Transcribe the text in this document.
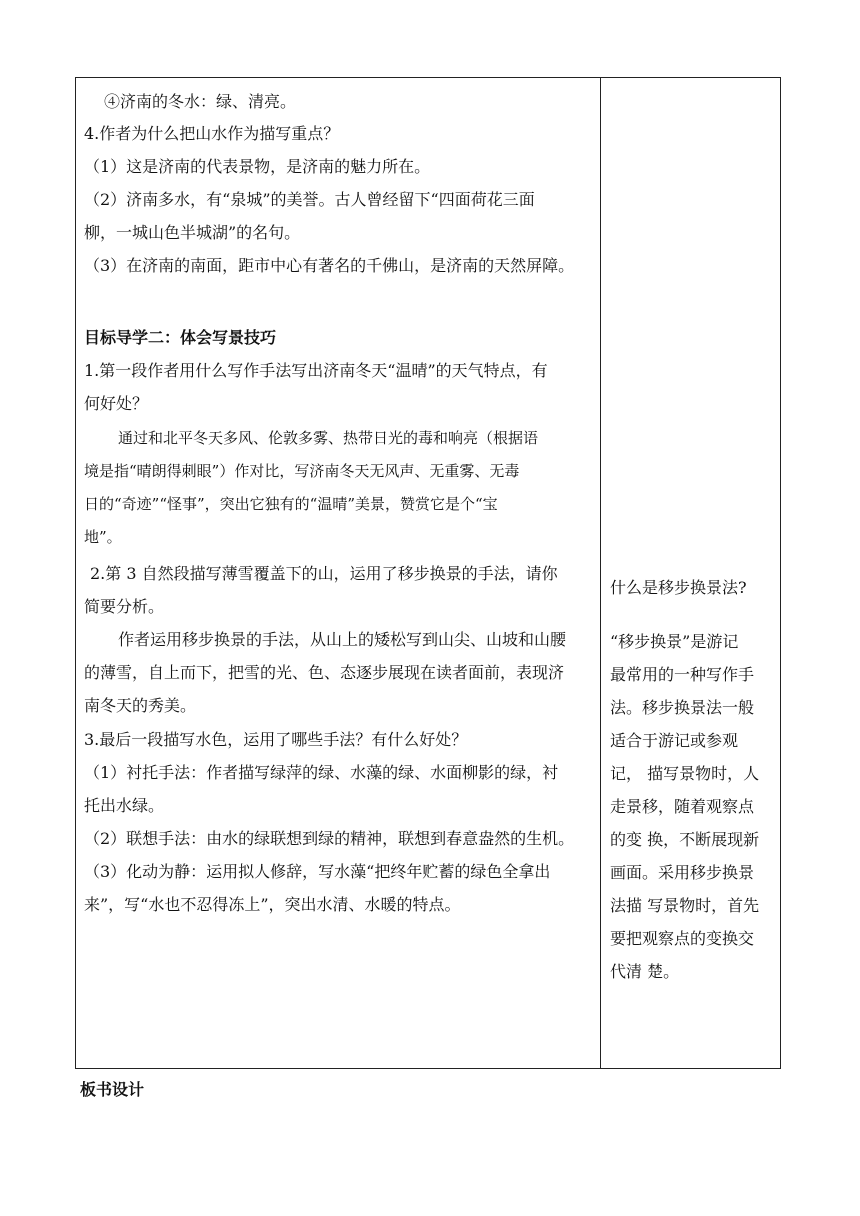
④济南的冬水：绿、清亮。
4.作者为什么把山水作为描写重点？
（1）这是济南的代表景物，是济南的魅力所在。
（2）济南多水，有“泉城”的美誉。古人曾经留下“四面荷花三面
柳，一城山色半城湖”的名句。
（3）在济南的南面，距市中心有著名的千佛山，是济南的天然屏障。
目标导学二：体会写景技巧
1.第一段作者用什么写作手法写出济南冬天“温晴”的天气特点，有
何好处？
通过和北平冬天多风、伦敦多雾、热带日光的毒和响亮（根据语
境是指“晴朗得刺眼”）作对比，写济南冬天无风声、无重雾、无毒
日的“奇迹”“怪事”，突出它独有的“温晴”美景，赞赏它是个“宝
地”。
2.第 3 自然段描写薄雪覆盖下的山，运用了移步换景的手法，请你
简要分析。
作者运用移步换景的手法，从山上的矮松写到山尖、山坡和山腰
的薄雪，自上而下，把雪的光、色、态逐步展现在读者面前，表现济
南冬天的秀美。
3.最后一段描写水色，运用了哪些手法？有什么好处？
（1）衬托手法：作者描写绿萍的绿、水藻的绿、水面柳影的绿，衬
托出水绿。
（2）联想手法：由水的绿联想到绿的精神，联想到春意盎然的生机。
（3）化动为静：运用拟人修辞，写水藻“把终年贮蓄的绿色全拿出
来”，写“水也不忍得冻上”，突出水清、水暖的特点。
什么是移步换景法?
“移步换景”是游记
最常用的一种写作手
法。移步换景法一般
适合于游记或参观
记， 描写景物时，人
走景移，随着观察点
的变 换，不断展现新
画面。采用移步换景
法描 写景物时，首先
要把观察点的变换交
代清 楚。
板书设计
